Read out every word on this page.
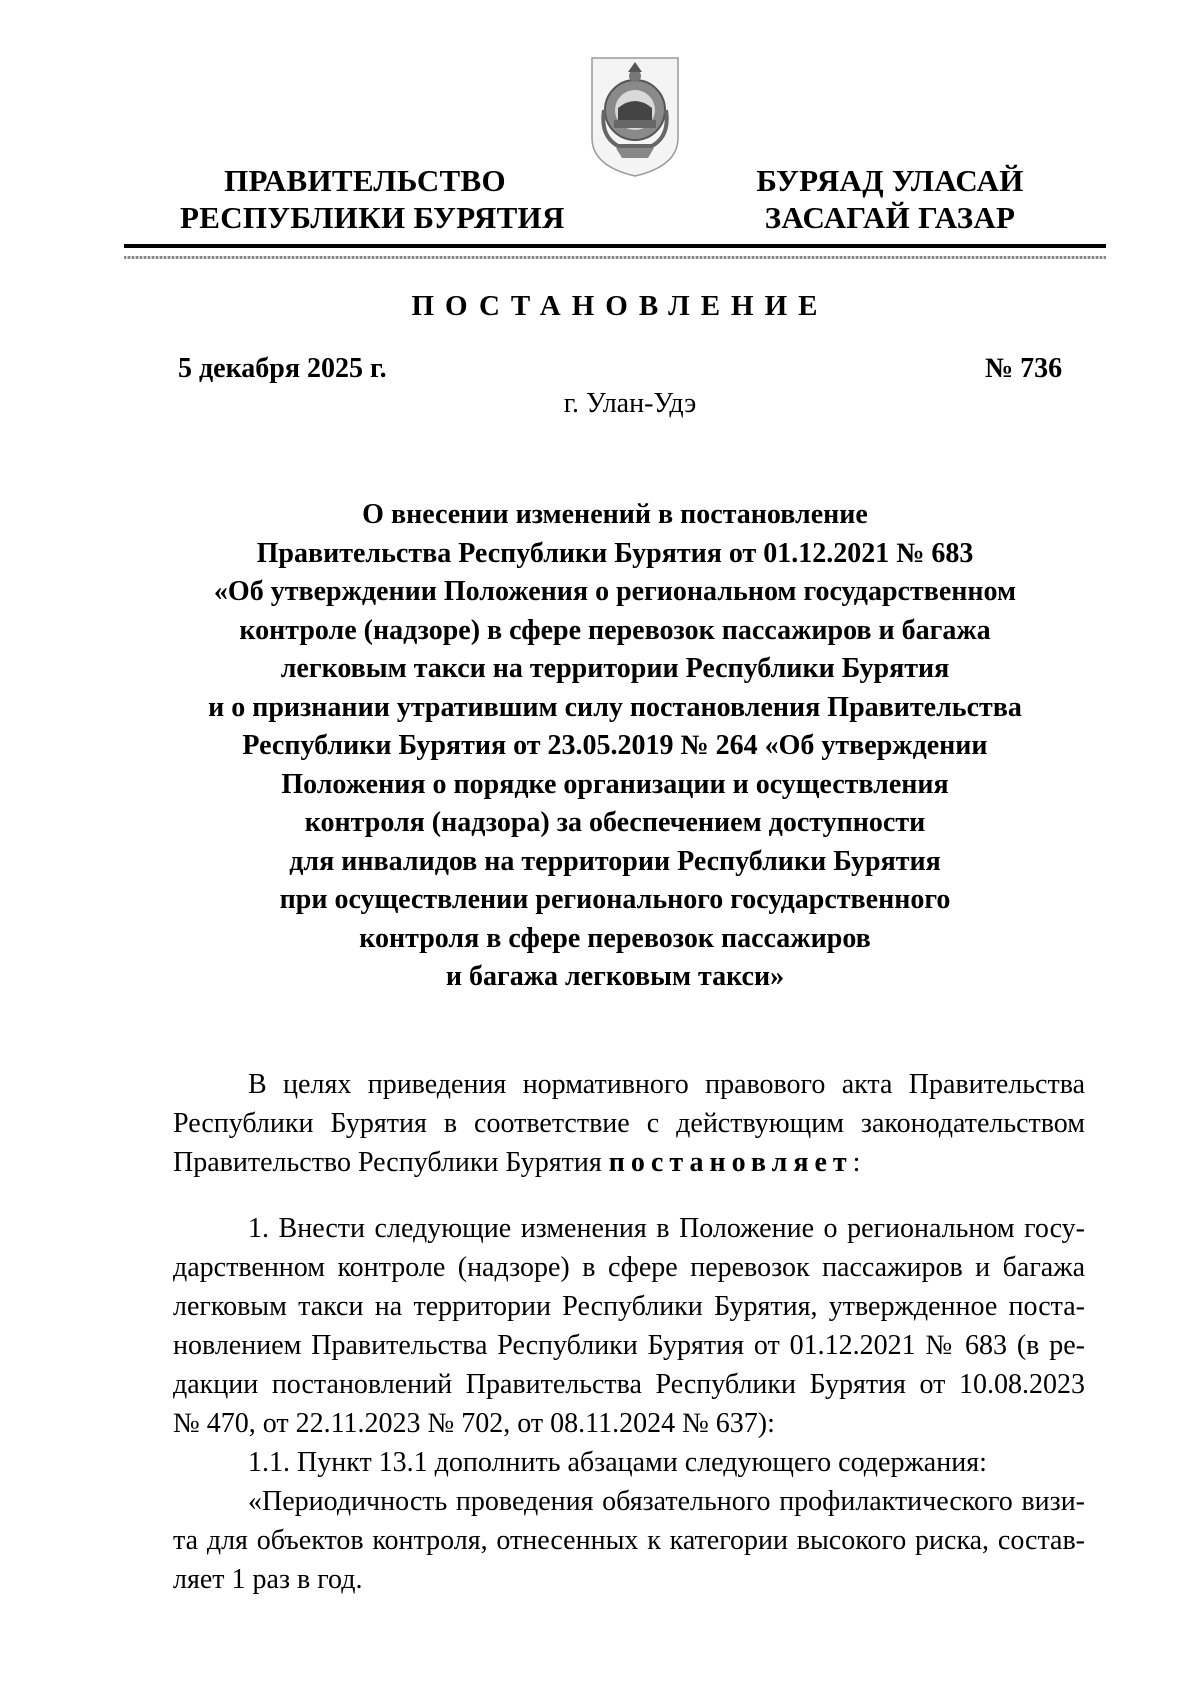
ПРАВИТЕЛЬСТВО
РЕСПУБЛИКИ БУРЯТИЯ
БУРЯАД УЛАСАЙ
ЗАСАГАЙ ГАЗАР
ПОСТАНОВЛЕНИЕ
5 декабря 2025 г.	№ 736
г. Улан-Удэ
О внесении изменений в постановление
Правительства Республики Бурятия от 01.12.2021 № 683
«Об утверждении Положения о региональном государственном
контроле (надзоре) в сфере перевозок пассажиров и багажа
легковым такси на территории Республики Бурятия
и о признании утратившим силу постановления Правительства
Республики Бурятия от 23.05.2019 № 264 «Об утверждении
Положения о порядке организации и осуществления
контроля (надзора) за обеспечением доступности
для инвалидов на территории Республики Бурятия
при осуществлении регионального государственного
контроля в сфере перевозок пассажиров
и багажа легковым такси»
В целях приведения нормативного правового акта Правительства
Республики Бурятия в соответствие с действующим законодательством
Правительство Республики Бурятия постановляет:
1. Внести следующие изменения в Положение о региональном госу-
дарственном контроле (надзоре) в сфере перевозок пассажиров и багажа
легковым такси на территории Республики Бурятия, утвержденное поста-
новлением Правительства Республики Бурятия от 01.12.2021 № 683 (в ре-
дакции постановлений Правительства Республики Бурятия от 10.08.2023
№ 470, от 22.11.2023 № 702, от 08.11.2024 № 637):
1.1. Пункт 13.1 дополнить абзацами следующего содержания:
«Периодичность проведения обязательного профилактического визи-
та для объектов контроля, отнесенных к категории высокого риска, состав-
ляет 1 раз в год.
